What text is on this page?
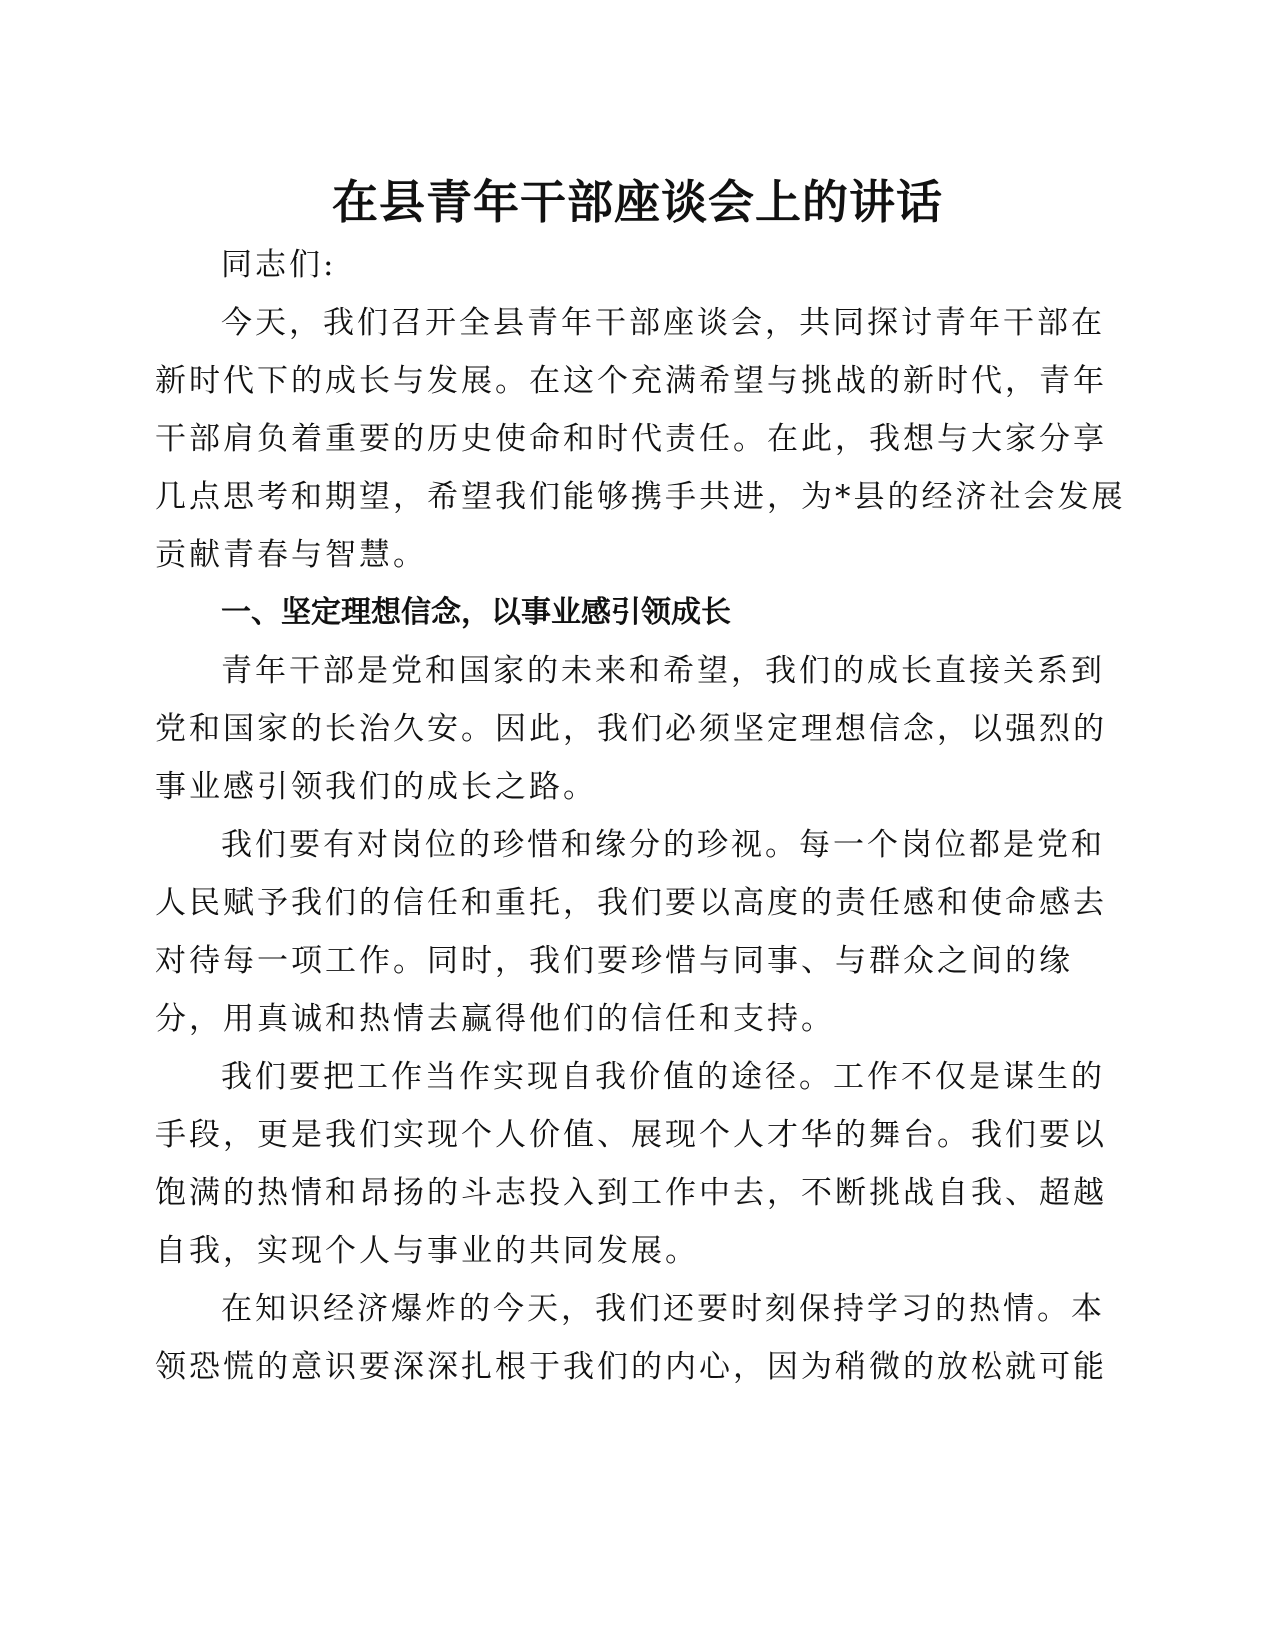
在县青年干部座谈会上的讲话

同志们:

今天，我们召开全县青年干部座谈会，共同探讨青年干部在

新时代下的成长与发展。在这个充满希望与挑战的新时代，青年

干部肩负着重要的历史使命和时代责任。在此，我想与大家分享

几点思考和期望，希望我们能够携手共进，为*县的经济社会发展

贡献青春与智慧。

一、坚定理想信念，以事业感引领成长

青年干部是党和国家的未来和希望，我们的成长直接关系到

党和国家的长治久安。因此，我们必须坚定理想信念，以强烈的

事业感引领我们的成长之路。

我们要有对岗位的珍惜和缘分的珍视。每一个岗位都是党和

人民赋予我们的信任和重托，我们要以高度的责任感和使命感去

对待每一项工作。同时，我们要珍惜与同事、与群众之间的缘

分，用真诚和热情去赢得他们的信任和支持。

我们要把工作当作实现自我价值的途径。工作不仅是谋生的

手段，更是我们实现个人价值、展现个人才华的舞台。我们要以

饱满的热情和昂扬的斗志投入到工作中去，不断挑战自我、超越

自我，实现个人与事业的共同发展。

在知识经济爆炸的今天，我们还要时刻保持学习的热情。本

领恐慌的意识要深深扎根于我们的内心，因为稍微的放松就可能
